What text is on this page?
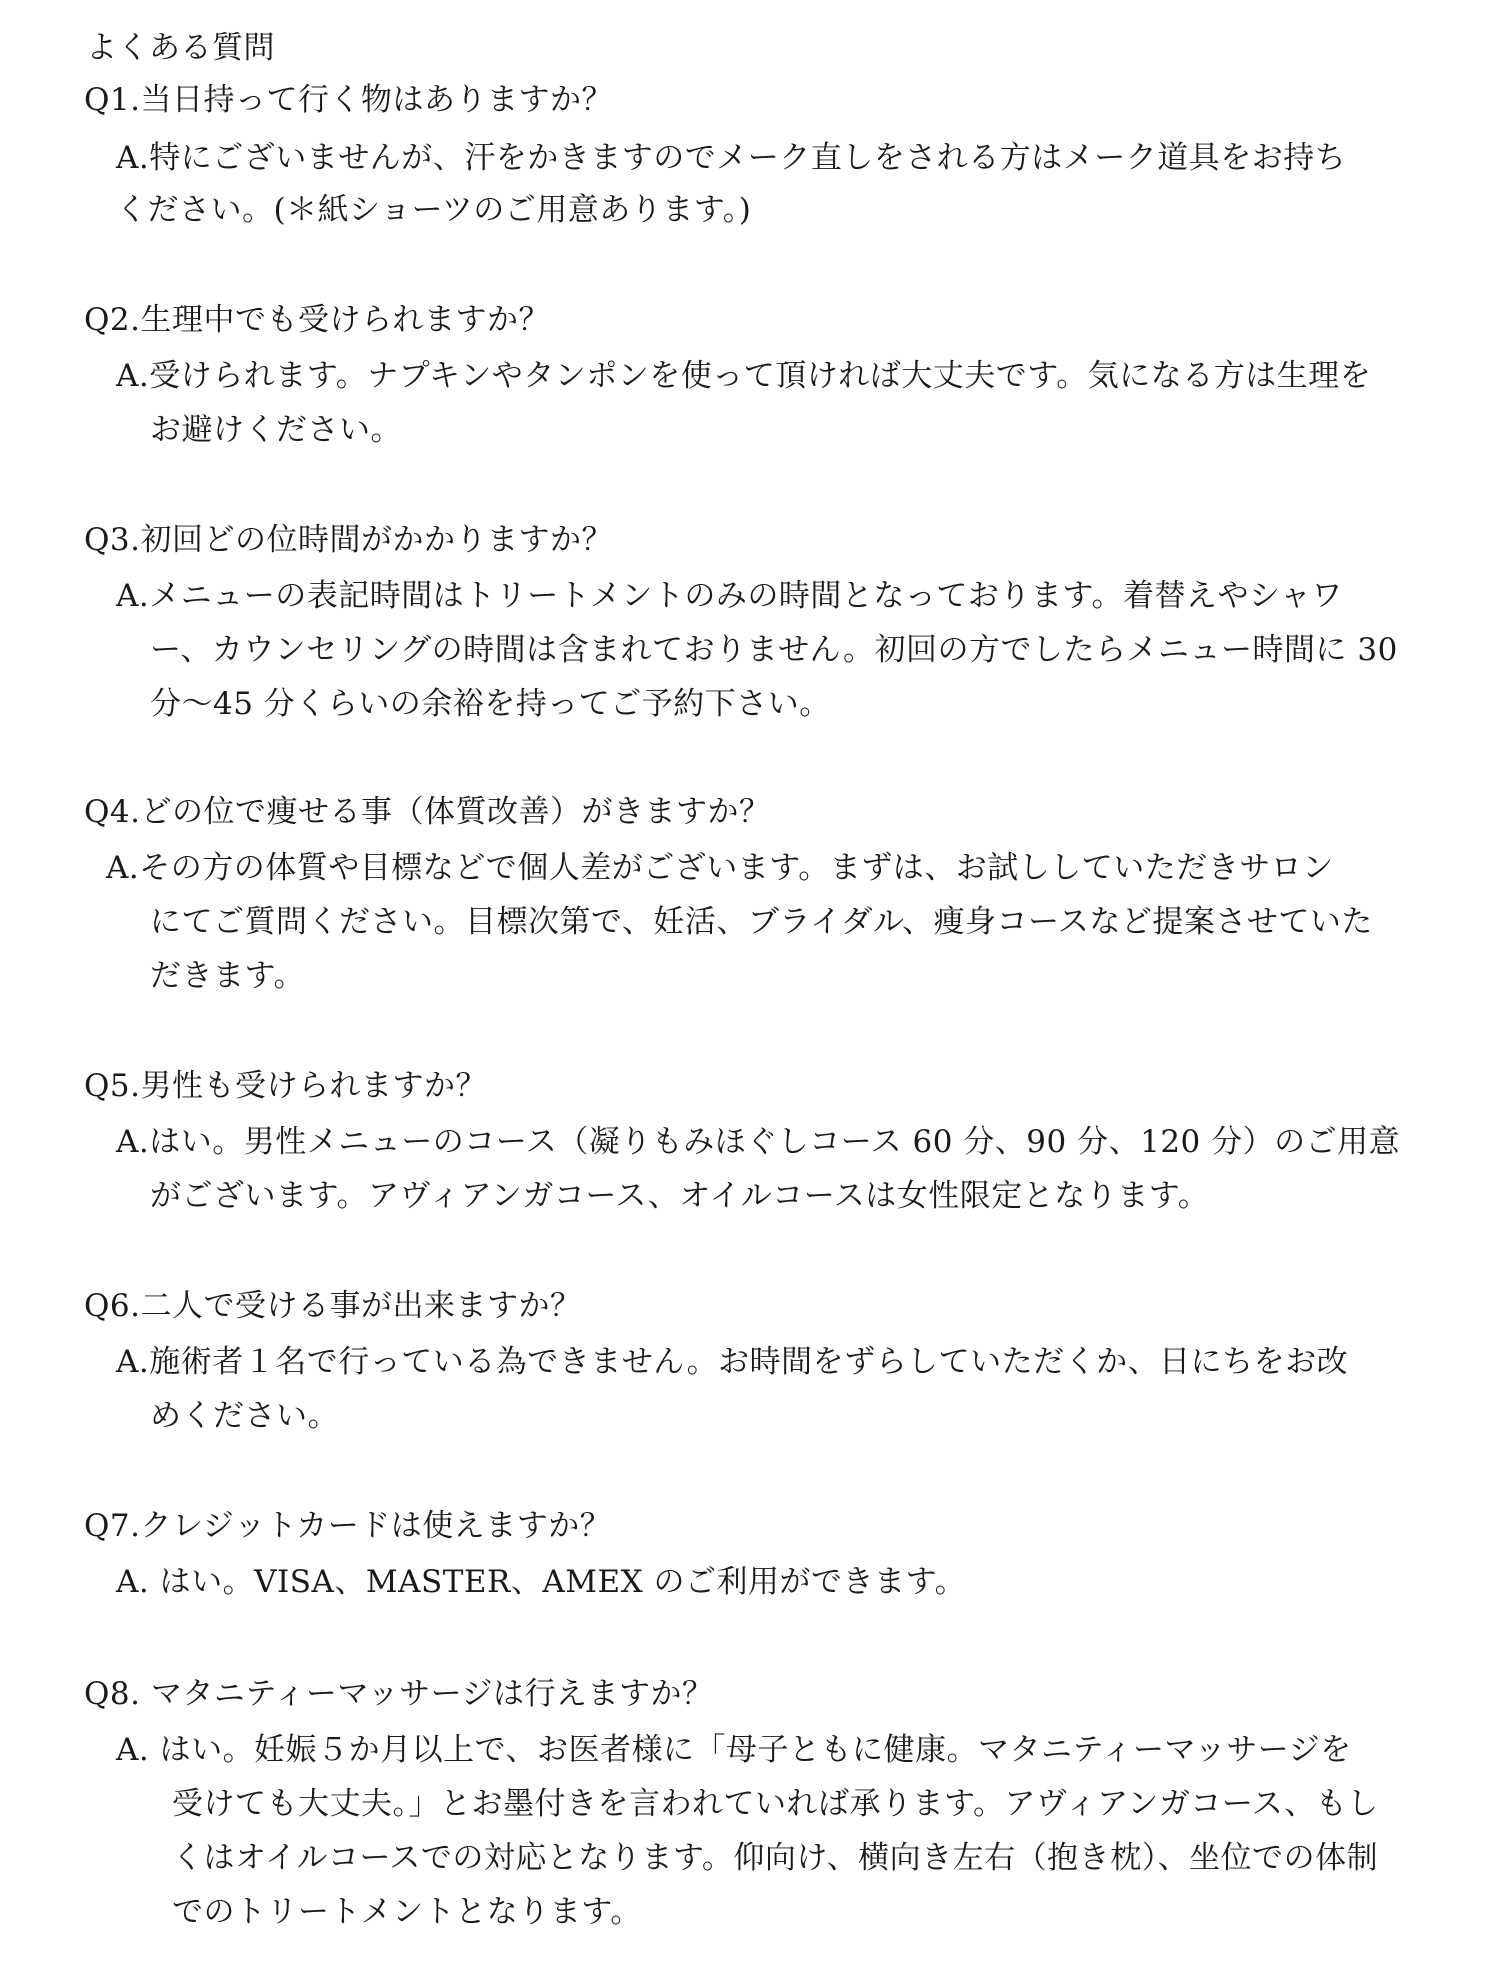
よくある質問
Q1.当日持って行く物はありますか？
A.特にございませんが、汗をかきますのでメーク直しをされる方はメーク道具をお持ち
ください。(＊紙ショーツのご用意あります。)
Q2.生理中でも受けられますか？
A.受けられます。ナプキンやタンポンを使って頂ければ大丈夫です。気になる方は生理を
お避けください。
Q3.初回どの位時間がかかりますか？
A.メニューの表記時間はトリートメントのみの時間となっております。着替えやシャワ
ー、カウンセリングの時間は含まれておりません。初回の方でしたらメニュー時間に 30
分〜45 分くらいの余裕を持ってご予約下さい。
Q4.どの位で痩せる事（体質改善）がきますか？
A.その方の体質や目標などで個人差がございます。まずは、お試ししていただきサロン
にてご質問ください。目標次第で、妊活、ブライダル、痩身コースなど提案させていた
だきます。
Q5.男性も受けられますか？
A.はい。男性メニューのコース（凝りもみほぐしコース 60 分、90 分、120 分）のご用意
がございます。アヴィアンガコース、オイルコースは女性限定となります。
Q6.二人で受ける事が出来ますか？
A.施術者１名で行っている為できません。お時間をずらしていただくか、日にちをお改
めください。
Q7.クレジットカードは使えますか？
A. はい。VISA、MASTER、AMEX のご利用ができます。
Q8. マタニティーマッサージは行えますか？
A. はい。妊娠５か月以上で、お医者様に「母子ともに健康。マタニティーマッサージを
受けても大丈夫。」とお墨付きを言われていれば承ります。アヴィアンガコース、もし
くはオイルコースでの対応となります。仰向け、横向き左右（抱き枕）、坐位での体制
でのトリートメントとなります。
